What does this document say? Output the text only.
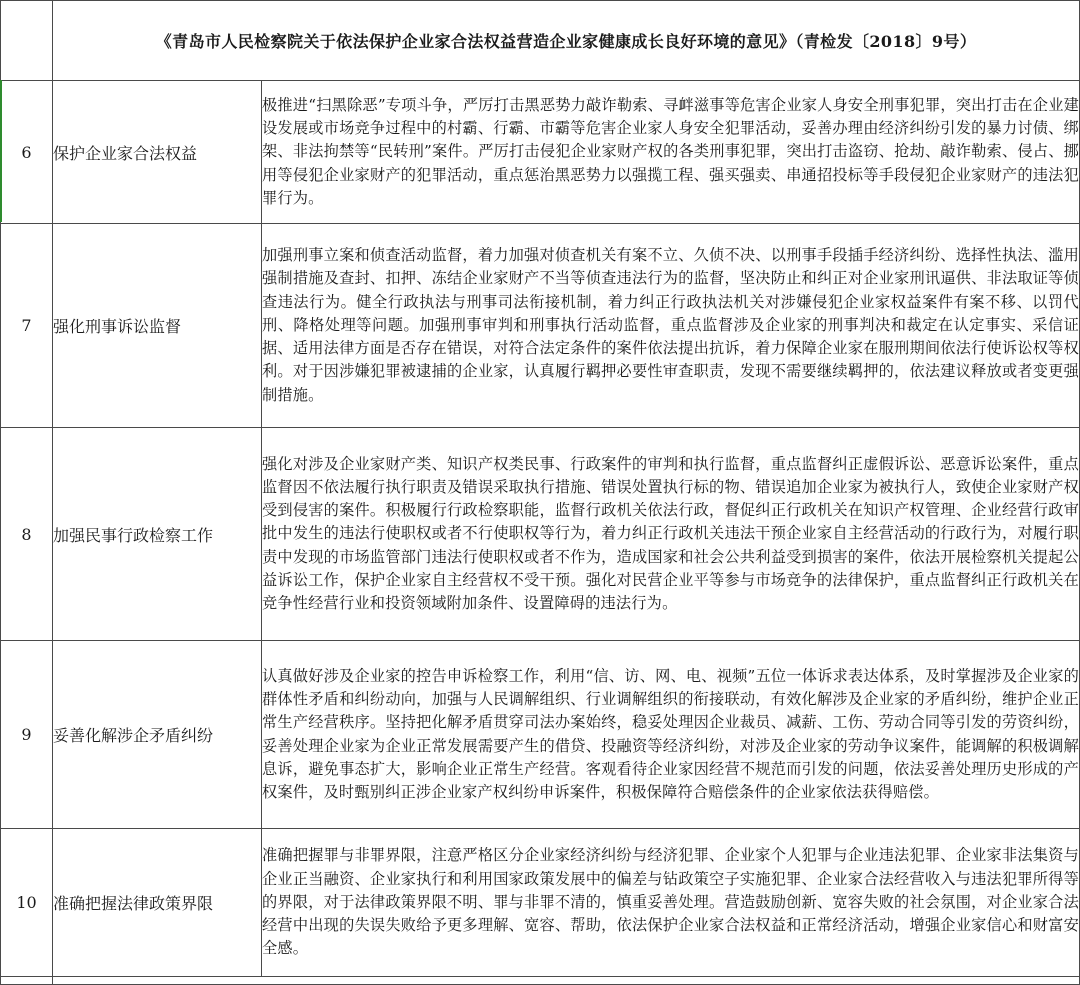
	《青岛市人民检察院关于依法保护企业家合法权益营造企业家健康成长良好环境的意见》（青检发〔2018〕9号）	
6	保护企业家合法权益	极推进“扫黑除恶”专项斗争，严厉打击黑恶势力敲诈勒索、寻衅滋事等危害企业家人身安全刑事犯罪，突出打击在企业建设发展或市场竞争过程中的村霸、行霸、市霸等危害企业家人身安全犯罪活动，妥善办理由经济纠纷引发的暴力讨债、绑架、非法拘禁等“民转刑”案件。严厉打击侵犯企业家财产权的各类刑事犯罪，突出打击盗窃、抢劫、敲诈勒索、侵占、挪用等侵犯企业家财产的犯罪活动，重点惩治黑恶势力以强揽工程、强买强卖、串通招投标等手段侵犯企业家财产的违法犯罪行为。
7	强化刑事诉讼监督	加强刑事立案和侦查活动监督，着力加强对侦查机关有案不立、久侦不决、以刑事手段插手经济纠纷、选择性执法、滥用强制措施及查封、扣押、冻结企业家财产不当等侦查违法行为的监督，坚决防止和纠正对企业家刑讯逼供、非法取证等侦查违法行为。健全行政执法与刑事司法衔接机制，着力纠正行政执法机关对涉嫌侵犯企业家权益案件有案不移、以罚代刑、降格处理等问题。加强刑事审判和刑事执行活动监督，重点监督涉及企业家的刑事判决和裁定在认定事实、采信证据、适用法律方面是否存在错误，对符合法定条件的案件依法提出抗诉，着力保障企业家在服刑期间依法行使诉讼权等权利。对于因涉嫌犯罪被逮捕的企业家，认真履行羁押必要性审查职责，发现不需要继续羁押的，依法建议释放或者变更强制措施。
8	加强民事行政检察工作	强化对涉及企业家财产类、知识产权类民事、行政案件的审判和执行监督，重点监督纠正虚假诉讼、恶意诉讼案件，重点监督因不依法履行执行职责及错误采取执行措施、错误处置执行标的物、错误追加企业家为被执行人，致使企业家财产权受到侵害的案件。积极履行行政检察职能，监督行政机关依法行政，督促纠正行政机关在知识产权管理、企业经营行政审批中发生的违法行使职权或者不行使职权等行为，着力纠正行政机关违法干预企业家自主经营活动的行政行为，对履行职责中发现的市场监管部门违法行使职权或者不作为，造成国家和社会公共利益受到损害的案件，依法开展检察机关提起公益诉讼工作，保护企业家自主经营权不受干预。强化对民营企业平等参与市场竞争的法律保护，重点监督纠正行政机关在竞争性经营行业和投资领域附加条件、设置障碍的违法行为。
9	妥善化解涉企矛盾纠纷	认真做好涉及企业家的控告申诉检察工作，利用“信、访、网、电、视频”五位一体诉求表达体系，及时掌握涉及企业家的群体性矛盾和纠纷动向，加强与人民调解组织、行业调解组织的衔接联动，有效化解涉及企业家的矛盾纠纷，维护企业正常生产经营秩序。坚持把化解矛盾贯穿司法办案始终，稳妥处理因企业裁员、减薪、工伤、劳动合同等引发的劳资纠纷，妥善处理企业家为企业正常发展需要产生的借贷、投融资等经济纠纷，对涉及企业家的劳动争议案件，能调解的积极调解息诉，避免事态扩大，影响企业正常生产经营。客观看待企业家因经营不规范而引发的问题，依法妥善处理历史形成的产权案件，及时甄别纠正涉企业家产权纠纷申诉案件，积极保障符合赔偿条件的企业家依法获得赔偿。
10	准确把握法律政策界限	准确把握罪与非罪界限，注意严格区分企业家经济纠纷与经济犯罪、企业家个人犯罪与企业违法犯罪、企业家非法集资与企业正当融资、企业家执行和利用国家政策发展中的偏差与钻政策空子实施犯罪、企业家合法经营收入与违法犯罪所得等的界限，对于法律政策界限不明、罪与非罪不清的，慎重妥善处理。营造鼓励创新、宽容失败的社会氛围，对企业家合法经营中出现的失误失败给予更多理解、宽容、帮助，依法保护企业家合法权益和正常经济活动，增强企业家信心和财富安全感。
